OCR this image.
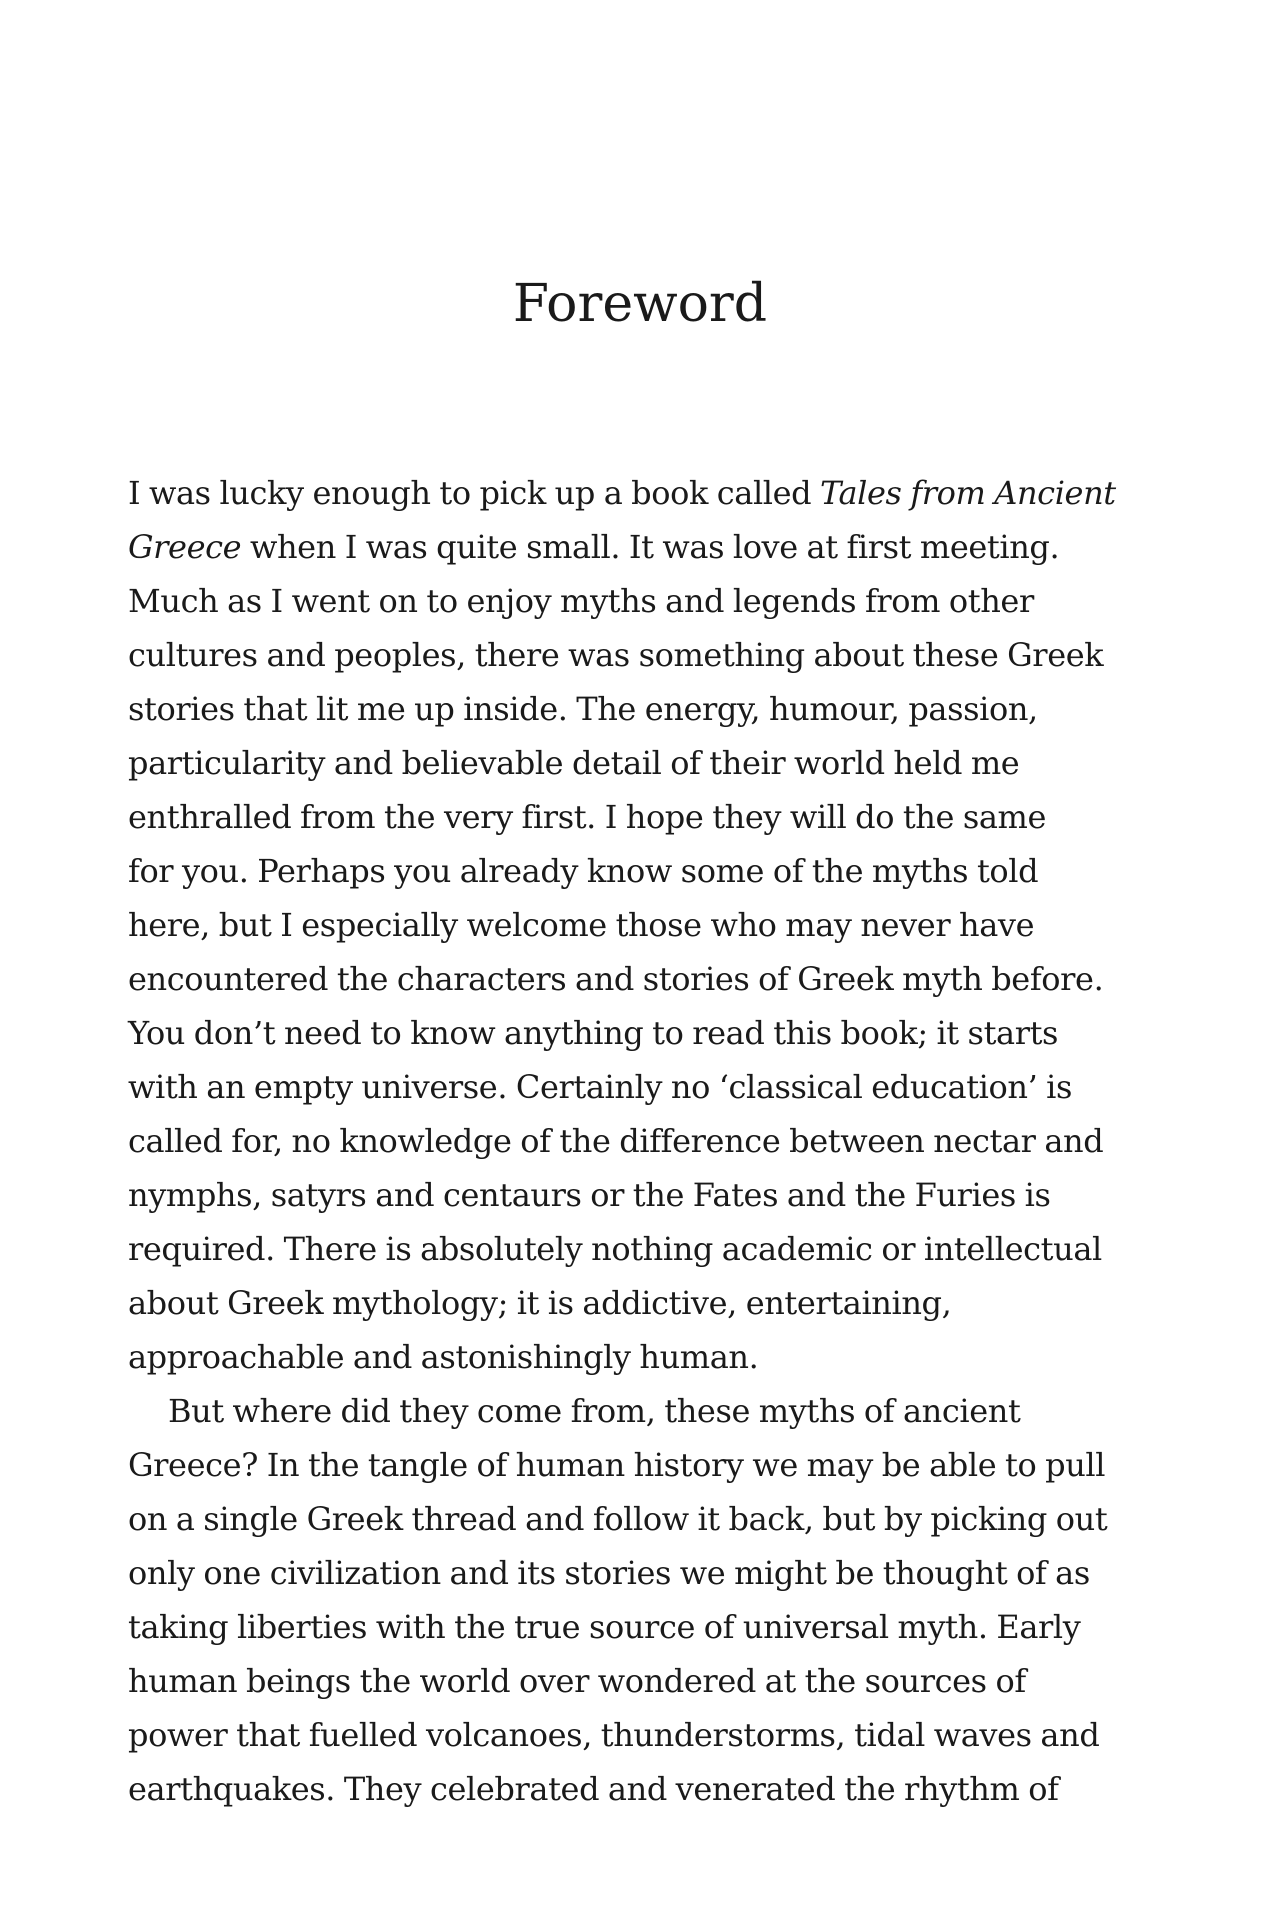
Foreword
I was lucky enough to pick up a book called Tales from Ancient
Greece when I was quite small. It was love at first meeting.
Much as I went on to enjoy myths and legends from other
cultures and peoples, there was something about these Greek
stories that lit me up inside. The energy, humour, passion,
particularity and believable detail of their world held me
enthralled from the very first. I hope they will do the same
for you. Perhaps you already know some of the myths told
here, but I especially welcome those who may never have
encountered the characters and stories of Greek myth before.
You don’t need to know anything to read this book; it starts
with an empty universe. Certainly no ‘classical education’ is
called for, no knowledge of the difference between nectar and
nymphs, satyrs and centaurs or the Fates and the Furies is
required. There is absolutely nothing academic or intellectual
about Greek mythology; it is addictive, entertaining,
approachable and astonishingly human.
But where did they come from, these myths of ancient
Greece? In the tangle of human history we may be able to pull
on a single Greek thread and follow it back, but by picking out
only one civilization and its stories we might be thought of as
taking liberties with the true source of universal myth. Early
human beings the world over wondered at the sources of
power that fuelled volcanoes, thunderstorms, tidal waves and
earthquakes. They celebrated and venerated the rhythm of
